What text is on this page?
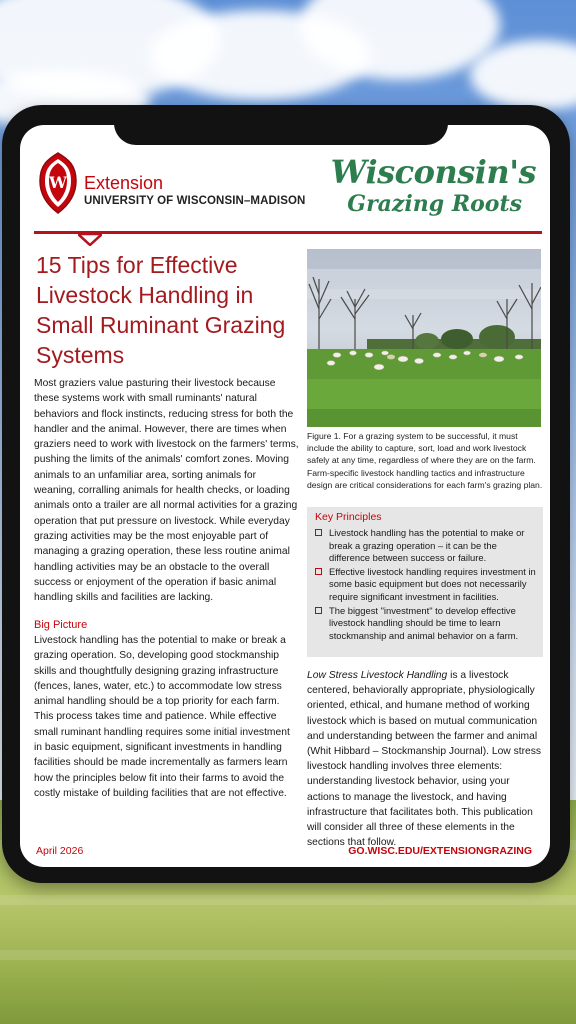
W Extension
UNIVERSITY OF WISCONSIN–MADISON
Wisconsin's
Grazing Roots
15 Tips for Effective Livestock Handling in Small Ruminant Grazing Systems
Most graziers value pasturing their livestock because these systems work with small ruminants' natural behaviors and flock instincts, reducing stress for both the handler and the animal. However, there are times when graziers need to work with livestock on the farmers' terms, pushing the limits of the animals' comfort zones. Moving animals to an unfamiliar area, sorting animals for weaning, corralling animals for health checks, or loading animals onto a trailer are all normal activities for a grazing operation that put pressure on livestock. While everyday grazing activities may be the most enjoyable part of managing a grazing operation, these less routine animal handling activities may be an obstacle to the overall success or enjoyment of the operation if basic animal handling skills and facilities are lacking.
Big Picture
Livestock handling has the potential to make or break a grazing operation. So, developing good stockmanship skills and thoughtfully designing grazing infrastructure (fences, lanes, water, etc.) to accommodate low stress animal handling should be a top priority for each farm. This process takes time and patience. While effective small ruminant handling requires some initial investment in basic equipment, significant investments in handling facilities should be made incrementally as farmers learn how the principles below fit into their farms to avoid the costly mistake of building facilities that are not effective.
Figure 1. For a grazing system to be successful, it must include the ability to capture, sort, load and work livestock safely at any time, regardless of where they are on the farm. Farm-specific livestock handling tactics and infrastructure design are critical considerations for each farm's grazing plan.
Key Principles
Livestock handling has the potential to make or break a grazing operation – it can be the difference between success or failure.
Effective livestock handling requires investment in some basic equipment but does not necessarily require significant investment in facilities.
The biggest "investment" to develop effective livestock handling should be time to learn stockmanship and animal behavior on a farm.
Low Stress Livestock Handling is a livestock centered, behaviorally appropriate, physiologically oriented, ethical, and humane method of working livestock which is based on mutual communication and understanding between the farmer and animal (Whit Hibbard – Stockmanship Journal). Low stress livestock handling involves three elements: understanding livestock behavior, using your actions to manage the livestock, and having infrastructure that facilitates both. This publication will consider all three of these elements in the sections that follow.
April 2026	GO.WISC.EDU/EXTENSIONGRAZING
